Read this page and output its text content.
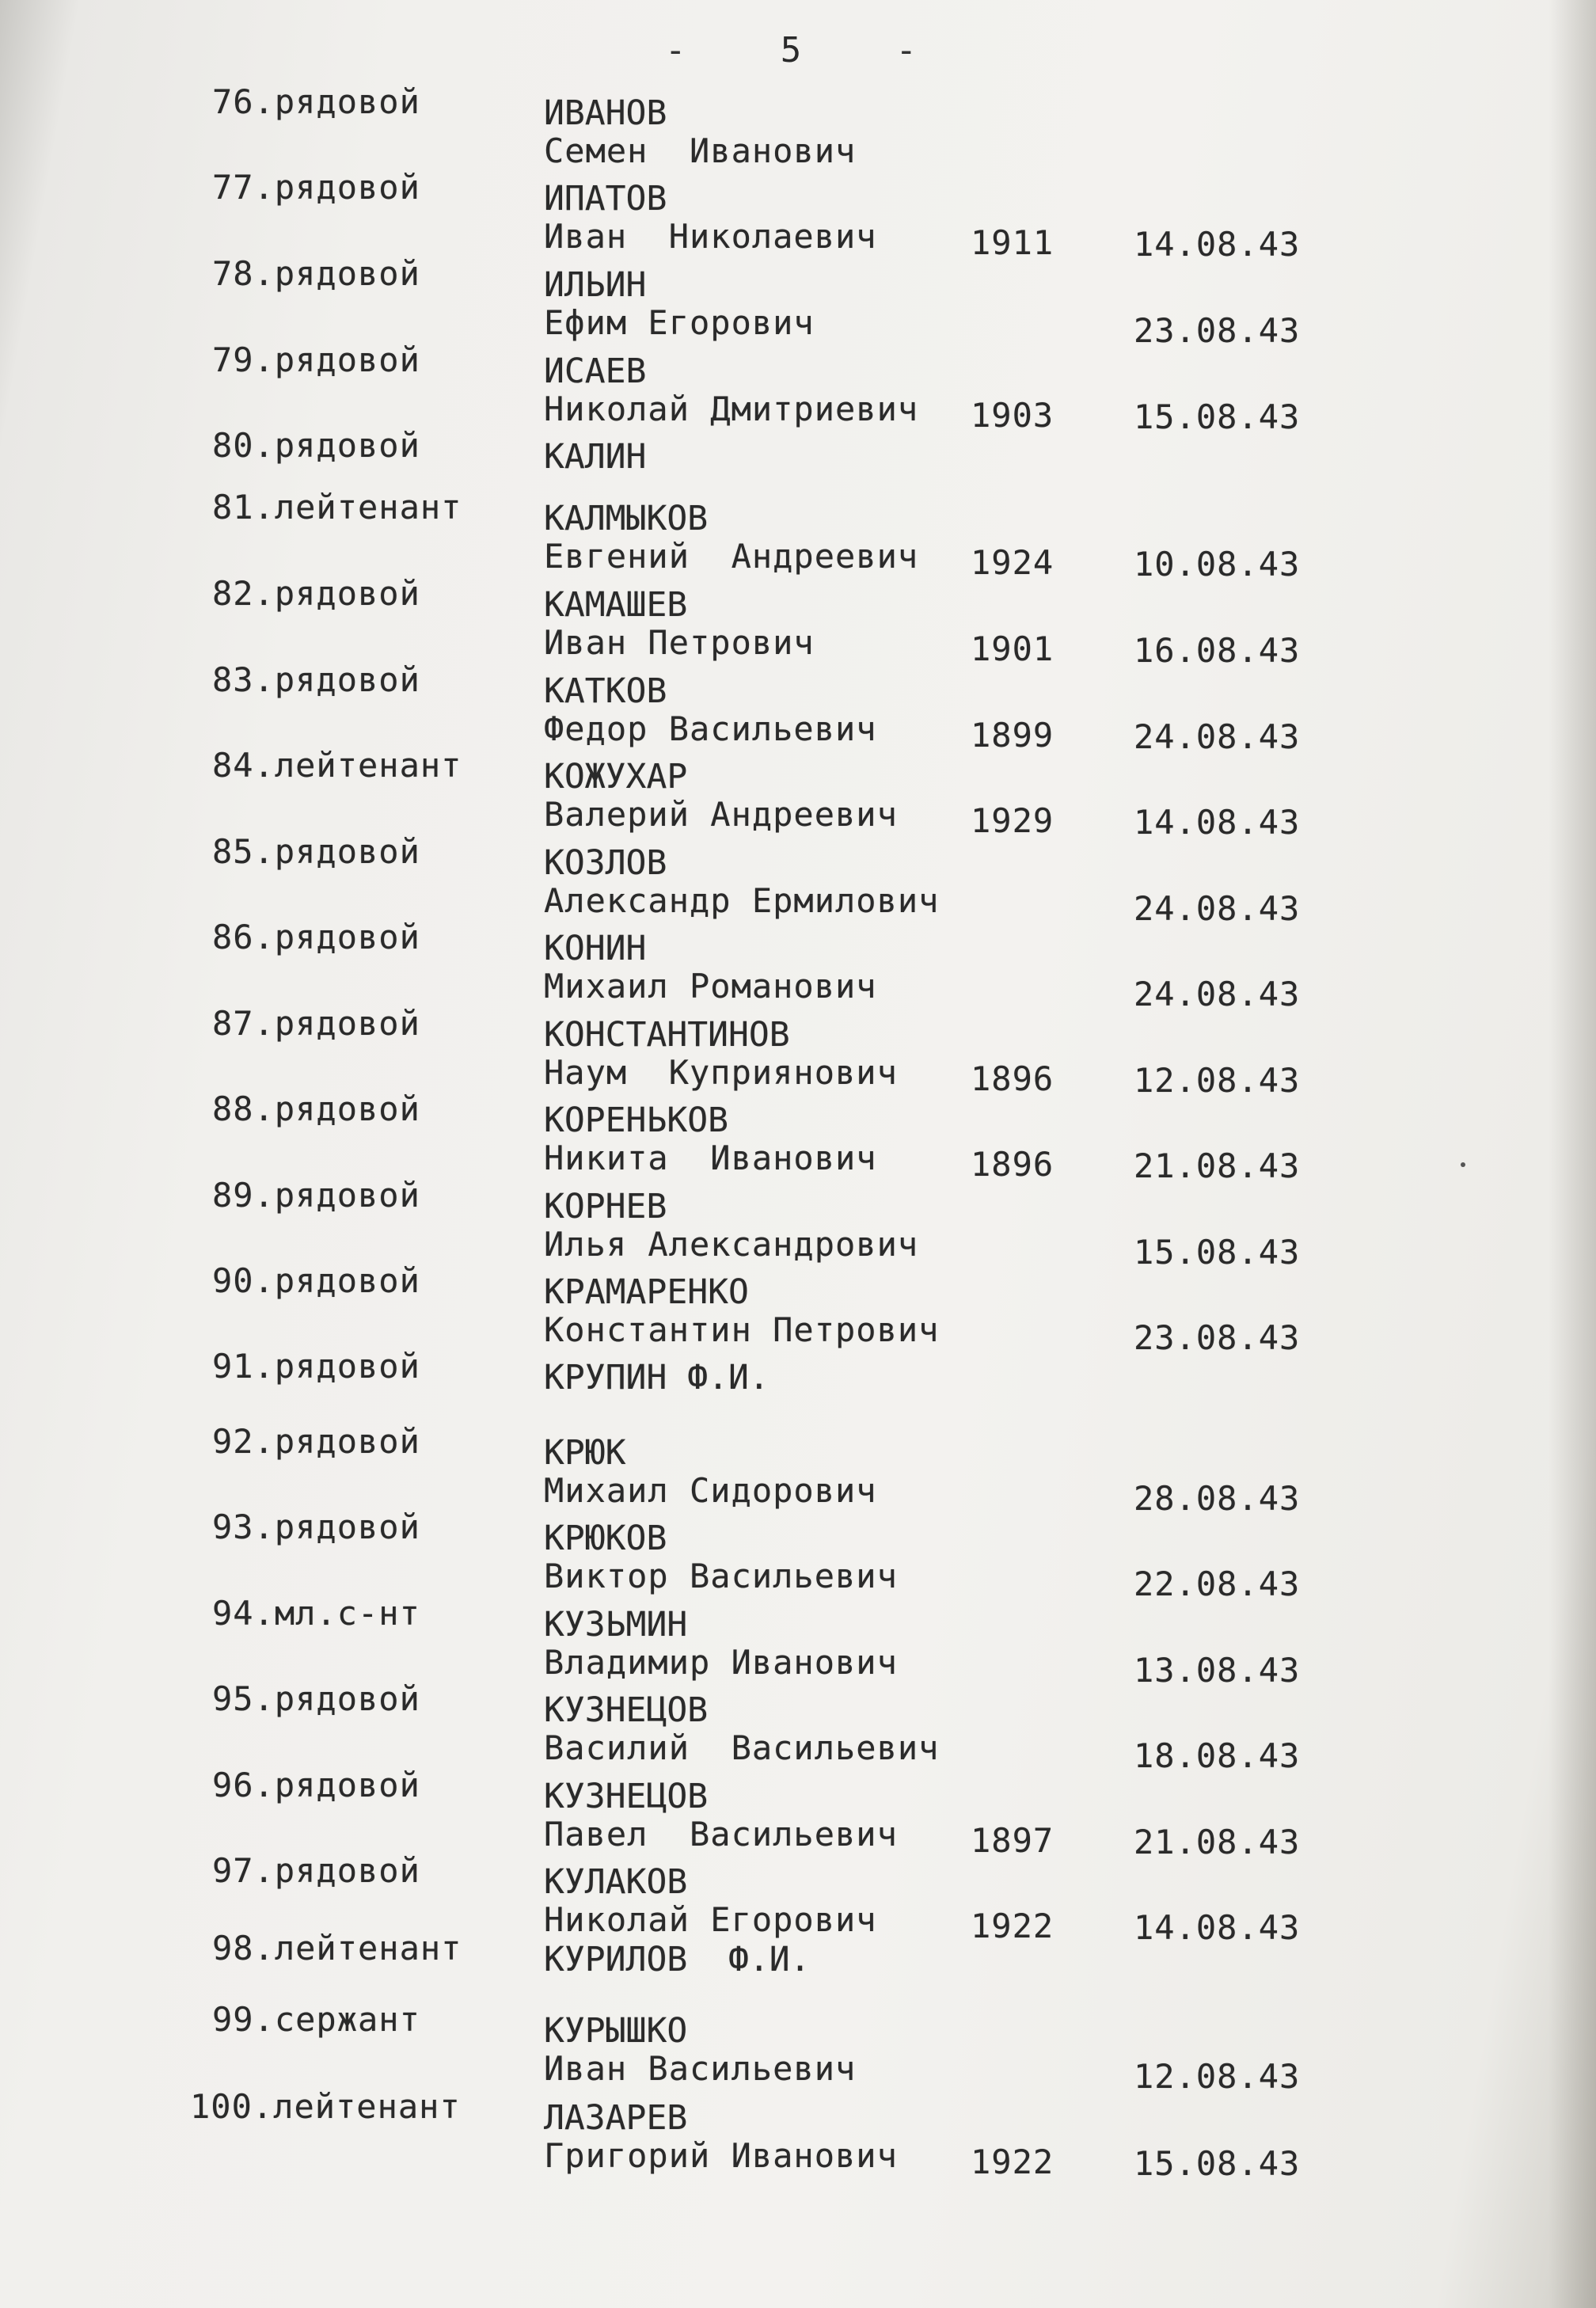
-	5	-
76.рядовой	ИВАНОВ
Семен  Иванович
77.рядовой	ИПАТОВ
Иван  Николаевич	1911 14.08.43
78.рядовой	ИЛЬИН
Ефим Егорович	23.08.43
79.рядовой	ИСАЕВ
Николай Дмитриевич 1903 15.08.43
80.рядовой	КАЛИН
81.лейтенант КАЛМЫКОВ
Евгений  Андреевич 1924 10.08.43
82.рядовой	КАМАШЕВ
Иван Петрович	1901 16.08.43
83.рядовой	КАТКОВ
Федор Васильевич	1899 24.08.43
84.лейтенант КОЖУХАР
Валерий Андреевич 1929 14.08.43
85.рядовой	КОЗЛОВ
Александр Ермилович	24.08.43
86.рядовой	КОНИН
Михаил Романович	24.08.43
87.рядовой	КОНСТАНТИНОВ
Наум  Куприянович 1896 12.08.43
88.рядовой	КОРЕНЬКОВ
Никита  Иванович	1896 21.08.43
89.рядовой	КОРНЕВ
Илья Александрович	15.08.43
90.рядовой	КРАМАРЕНКО
Константин Петрович	23.08.43
91.рядовой	КРУПИН Ф.И.
92.рядовой	КРЮК
Михаил Сидорович	28.08.43
93.рядовой	КРЮКОВ
Виктор Васильевич	22.08.43
94.мл.с-нт	КУЗЬМИН
Владимир Иванович	13.08.43
95.рядовой	КУЗНЕЦОВ
Василий  Васильевич	18.08.43
96.рядовой	КУЗНЕЦОВ
Павел  Васильевич 1897 21.08.43
97.рядовой	КУЛАКОВ
Николай Егорович	1922 14.08.43
98.лейтенант КУРИЛОВ  Ф.И.
99.сержант	КУРЫШКО
Иван Васильевич	12.08.43
100.лейтенант ЛАЗАРЕВ
Григорий Иванович 1922 15.08.43
